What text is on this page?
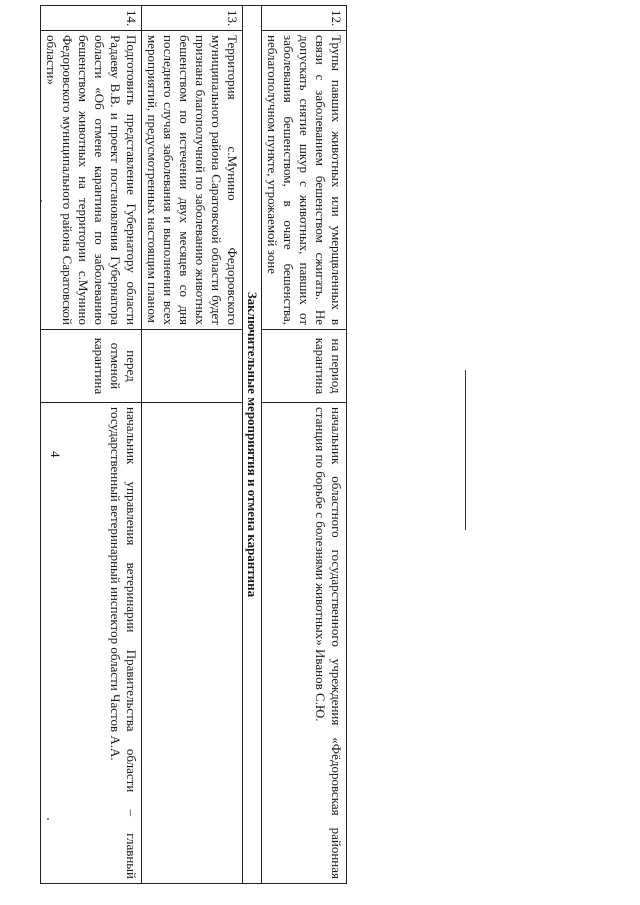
4
12.	Трупы павших животных или умерщвленных в связи с заболеванием бешенством сжигать. Не допускать снятие шкур с животных, павших от заболевания бешенством, в очаге бешенства, неблагополучном пункте, угрожаемой зоне	на период карантина	начальник областного государственного учреждения «Фёдоровская районная станция по борьбе с болезнями животных» Иванов С.Ю.
Заключительные мероприятия и отмена карантина			
13.	Территория с.Мунино Федоровского муниципального района Саратовской области будет признана благополучной по заболеванию животных бешенством по истечении двух месяцев со дня последнего случая заболевания и выполнении всех мероприятий, предусмотренных настоящим планом		
14.	Подготовить представление Губернатору области Радаеву В.В. и проект постановления Губернатора области «Об отмене карантина по заболеванию бешенством животных на территории с.Мунино Федоровского муниципального района Саратовской области»	перед отменой карантина	начальник управления ветеринарии Правительства области – главный государственный ветеринарный инспектор области Частов А.А.
